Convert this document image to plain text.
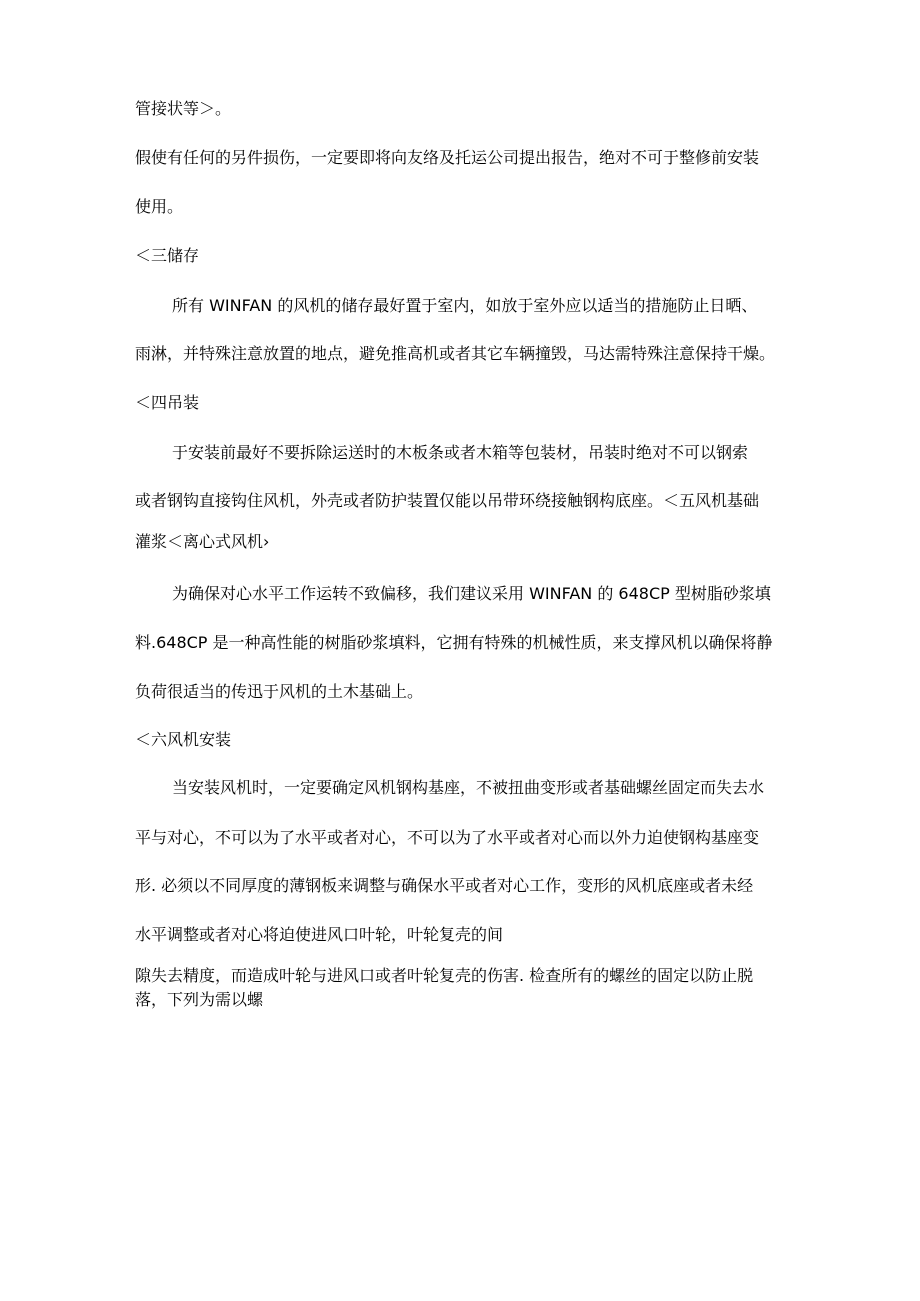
管接状等＞。
假使有任何的另件损伤，一定要即将向友络及托运公司提出报告，绝对不可于整修前安装
使用。
＜三储存
所有 WINFAN 的风机的储存最好置于室内，如放于室外应以适当的措施防止日晒、
雨淋，并特殊注意放置的地点，避免推高机或者其它车辆撞毁，马达需特殊注意保持干燥。
＜四吊装
于安装前最好不要拆除运送时的木板条或者木箱等包装材，吊装时绝对不可以钢索
或者钢钩直接钩住风机，外壳或者防护装置仅能以吊带环绕接触钢构底座。＜五风机基础
灌浆＜离心式风机›
为确保对心水平工作运转不致偏移，我们建议采用 WINFAN 的 648CP 型树脂砂浆填
料.648CP 是一种高性能的树脂砂浆填料，它拥有特殊的机械性质，来支撑风机以确保将静
负荷很适当的传迅于风机的土木基础上。
＜六风机安装
当安装风机时，一定要确定风机钢构基座，不被扭曲变形或者基础螺丝固定而失去水
平与对心，不可以为了水平或者对心，不可以为了水平或者对心而以外力迫使钢构基座变
形. 必须以不同厚度的薄钢板来调整与确保水平或者对心工作，变形的风机底座或者未经
水平调整或者对心将迫使进风口叶轮，叶轮复壳的间
隙失去精度，而造成叶轮与进风口或者叶轮复壳的伤害. 检查所有的螺丝的固定以防止脱
落，下列为需以螺
